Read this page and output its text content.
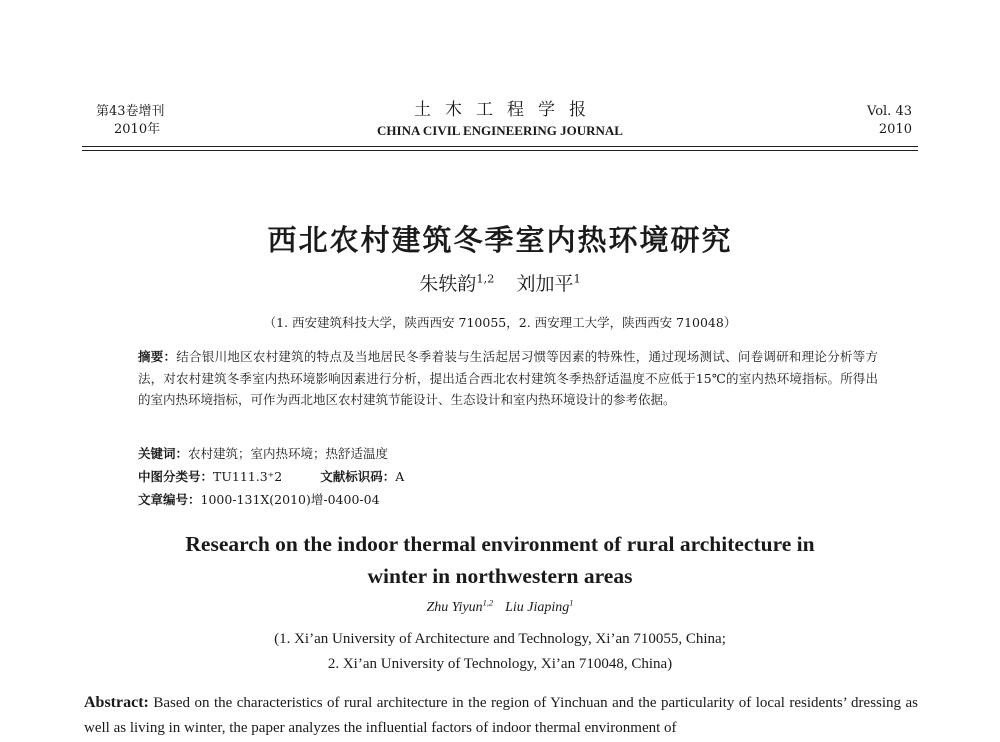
第43卷增刊
2010年
土木工程学报
CHINA CIVIL ENGINEERING JOURNAL
Vol. 43
2010
西北农村建筑冬季室内热环境研究
朱轶韵$^{1,2}$ 刘加平$^1$
（1. 西安建筑科技大学，陕西西安 710055，2. 西安理工大学，陕西西安 710048）
摘要：结合银川地区农村建筑的特点及当地居民冬季着装与生活起居习惯等因素的特殊性，通过现场测试、问卷调研和理论分析等方法，对农村建筑冬季室内热环境影响因素进行分析，提出适合西北农村建筑冬季热舒适温度不应低于15℃的室内热环境指标。所得出的室内热环境指标，可作为西北地区农村建筑节能设计、生态设计和室内热环境设计的参考依据。
关键词：农村建筑；室内热环境；热舒适温度
中图分类号：TU111.3⁺2	文献标识码：A
文章编号：1000-131X(2010)增-0400-04
Research on the indoor thermal environment of rural architecture in
winter in northwestern areas
Zhu Yiyun$^{1,2}$ Liu Jiaping$^1$
(1. Xi’an University of Architecture and Technology, Xi’an 710055, China;
2. Xi’an University of Technology, Xi’an 710048, China)
Abstract: Based on the characteristics of rural architecture in the region of Yinchuan and the particularity of local residents’ dressing as well as living in winter, the paper analyzes the influential factors of indoor thermal environment of
